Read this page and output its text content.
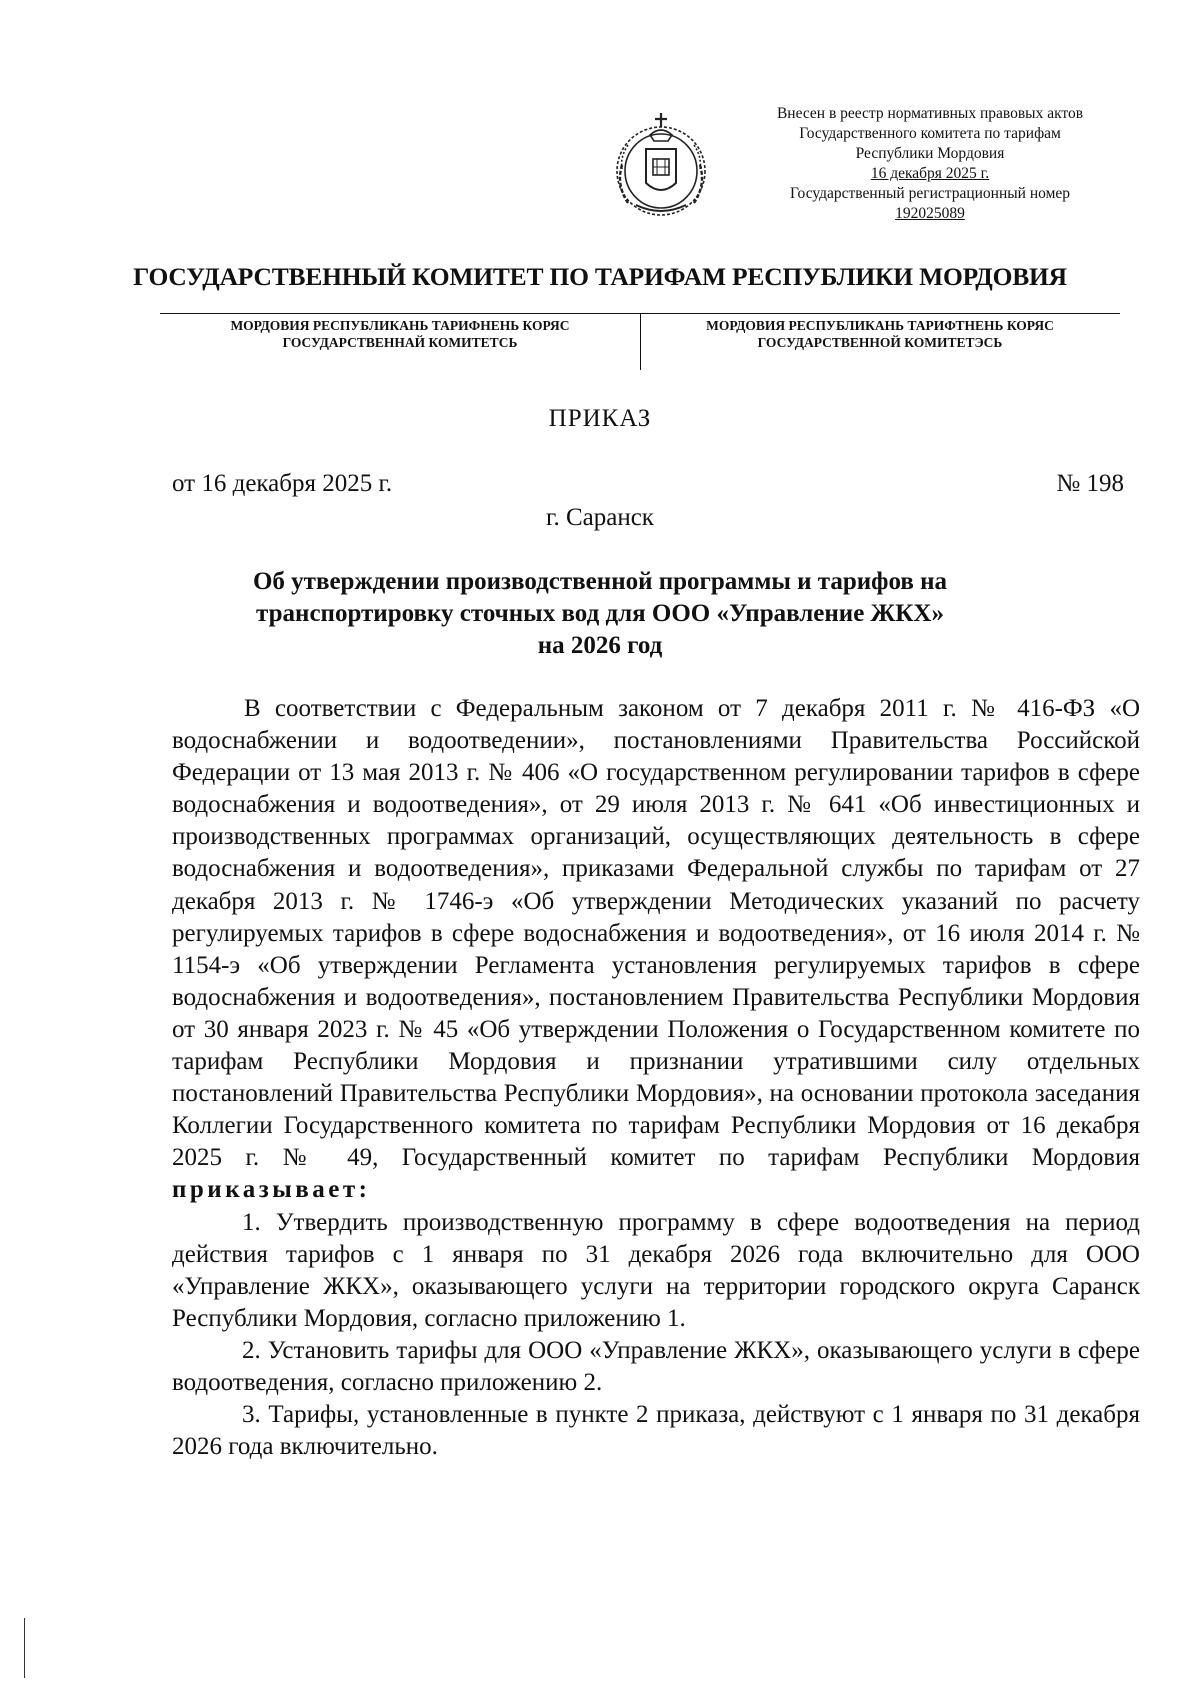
Внесен в реестр нормативных правовых актов
Государственного комитета по тарифам
Республики Мордовия
16 декабря 2025 г.
Государственный регистрационный номер
192025089
ГОСУДАРСТВЕННЫЙ КОМИТЕТ ПО ТАРИФАМ РЕСПУБЛИКИ МОРДОВИЯ
МОРДОВИЯ РЕСПУБЛИКАНЬ ТАРИФНЕНЬ КОРЯС
ГОСУДАРСТВЕННАЙ КОМИТЕТСЬ
МОРДОВИЯ РЕСПУБЛИКАНЬ ТАРИФТНЕНЬ КОРЯС
ГОСУДАРСТВЕННОЙ КОМИТЕТЭСЬ
ПРИКАЗ
от 16 декабря 2025 г.	№ 198
г. Саранск
Об утверждении производственной программы и тарифов на
транспортировку сточных вод для ООО «Управление ЖКХ»
на 2026 год

В соответствии с Федеральным законом от 7 декабря 2011 г. № 416-ФЗ «О водоснабжении и водоотведении», постановлениями Правительства Российской Федерации от 13 мая 2013 г. № 406 «О государственном регулировании тарифов в сфере водоснабжения и водоотведения», от 29 июля 2013 г. № 641 «Об инвестиционных и производственных программах организаций, осуществляющих деятельность в сфере водоснабжения и водоотведения», приказами Федеральной службы по тарифам от 27 декабря 2013 г. № 1746-э «Об утверждении Методических указаний по расчету регулируемых тарифов в сфере водоснабжения и водоотведения», от 16 июля 2014 г. № 1154-э «Об утверждении Регламента установления регулируемых тарифов в сфере водоснабжения и водоотведения», постановлением Правительства Республики Мордовия от 30 января 2023 г. № 45 «Об утверждении Положения о Государственном комитете по тарифам Республики Мордовия и признании утратившими силу отдельных постановлений Правительства Республики Мордовия», на основании протокола заседания Коллегии Государственного комитета по тарифам Республики Мордовия от 16 декабря 2025 г. № 49, Государственный комитет по тарифам Республики Мордовия приказывает:

1. Утвердить производственную программу в сфере водоотведения на период действия тарифов с 1 января по 31 декабря 2026 года включительно для ООО «Управление ЖКХ», оказывающего услуги на территории городского округа Саранск Республики Мордовия, согласно приложению 1.

2. Установить тарифы для ООО «Управление ЖКХ», оказывающего услуги в сфере водоотведения, согласно приложению 2.

3. Тарифы, установленные в пункте 2 приказа, действуют с 1 января по 31 декабря 2026 года включительно.
